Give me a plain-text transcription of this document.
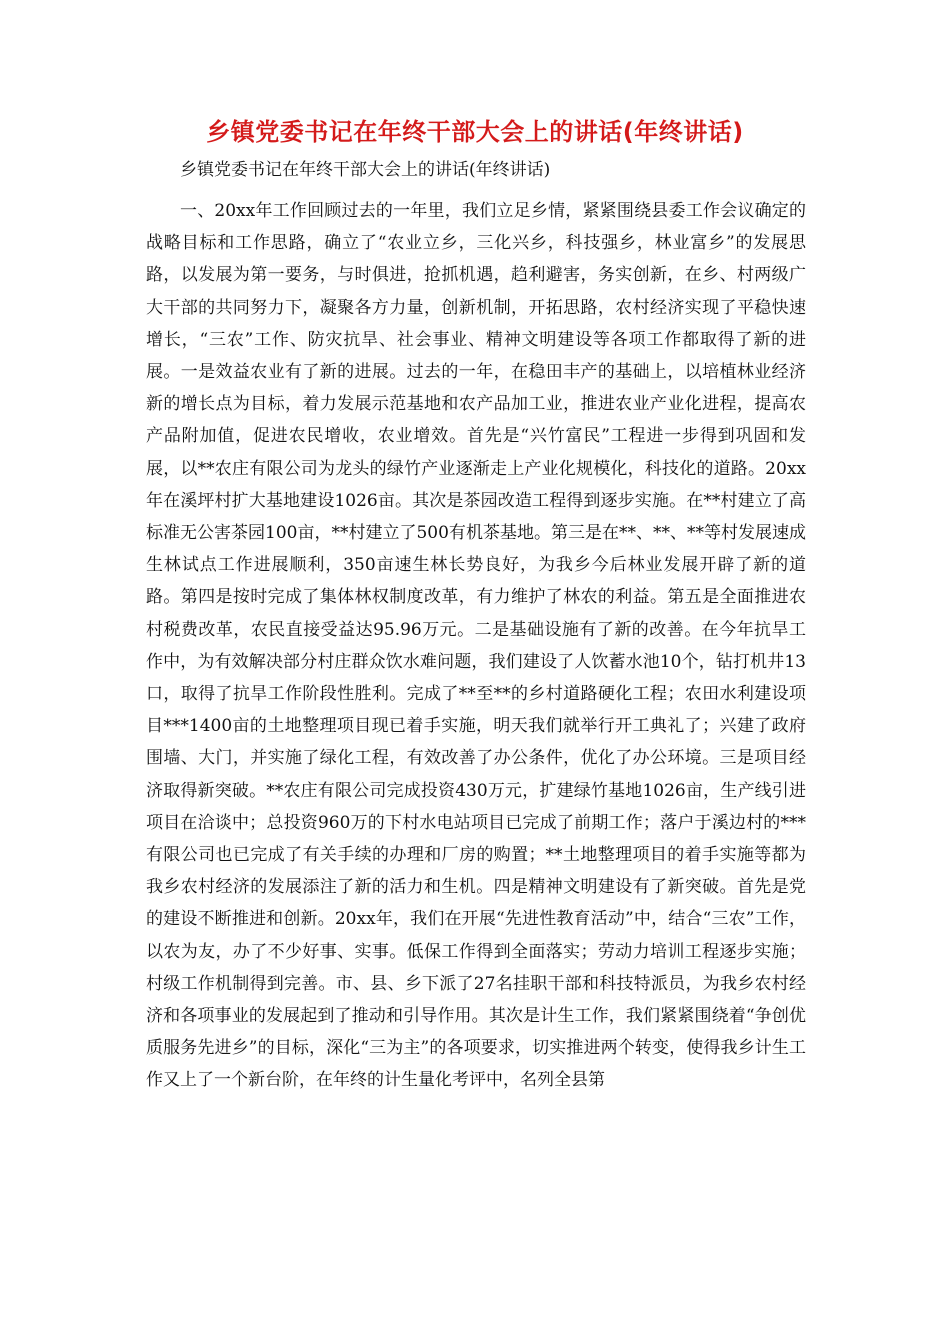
乡镇党委书记在年终干部大会上的讲话(年终讲话)

乡镇党委书记在年终干部大会上的讲话(年终讲话)

一、20xx年工作回顾过去的一年里，我们立足乡情，紧紧围绕县委工作会议确定的战略目标和工作思路，确立了“农业立乡，三化兴乡，科技强乡，林业富乡”的发展思路，以发展为第一要务，与时俱进，抢抓机遇，趋利避害，务实创新，在乡、村两级广大干部的共同努力下，凝聚各方力量，创新机制，开拓思路，农村经济实现了平稳快速增长，“三农”工作、防灾抗旱、社会事业、精神文明建设等各项工作都取得了新的进展。一是效益农业有了新的进展。过去的一年，在稳田丰产的基础上，以培植林业经济新的增长点为目标，着力发展示范基地和农产品加工业，推进农业产业化进程，提高农产品附加值，促进农民增收，农业增效。首先是“兴竹富民”工程进一步得到巩固和发展，以**农庄有限公司为龙头的绿竹产业逐渐走上产业化规模化，科技化的道路。20xx年在溪坪村扩大基地建设1026亩。其次是茶园改造工程得到逐步实施。在**村建立了高标准无公害茶园100亩，**村建立了500有机茶基地。第三是在**、**、**等村发展速成生林试点工作进展顺利，350亩速生林长势良好，为我乡今后林业发展开辟了新的道路。第四是按时完成了集体林权制度改革，有力维护了林农的利益。第五是全面推进农村税费改革，农民直接受益达95.96万元。二是基础设施有了新的改善。在今年抗旱工作中，为有效解决部分村庄群众饮水难问题，我们建设了人饮蓄水池10个，钻打机井13口，取得了抗旱工作阶段性胜利。完成了**至**的乡村道路硬化工程；农田水利建设项目***1400亩的土地整理项目现已着手实施，明天我们就举行开工典礼了；兴建了政府围墙、大门，并实施了绿化工程，有效改善了办公条件，优化了办公环境。三是项目经济取得新突破。**农庄有限公司完成投资430万元，扩建绿竹基地1026亩，生产线引进项目在洽谈中；总投资960万的下村水电站项目已完成了前期工作；落户于溪边村的***有限公司也已完成了有关手续的办理和厂房的购置；**土地整理项目的着手实施等都为我乡农村经济的发展添注了新的活力和生机。四是精神文明建设有了新突破。首先是党的建设不断推进和创新。20xx年，我们在开展“先进性教育活动”中，结合“三农”工作，以农为友，办了不少好事、实事。低保工作得到全面落实；劳动力培训工程逐步实施；村级工作机制得到完善。市、县、乡下派了27名挂职干部和科技特派员，为我乡农村经济和各项事业的发展起到了推动和引导作用。其次是计生工作，我们紧紧围绕着“争创优质服务先进乡”的目标，深化“三为主”的各项要求，切实推进两个转变，使得我乡计生工作又上了一个新台阶，在年终的计生量化考评中，名列全县第
